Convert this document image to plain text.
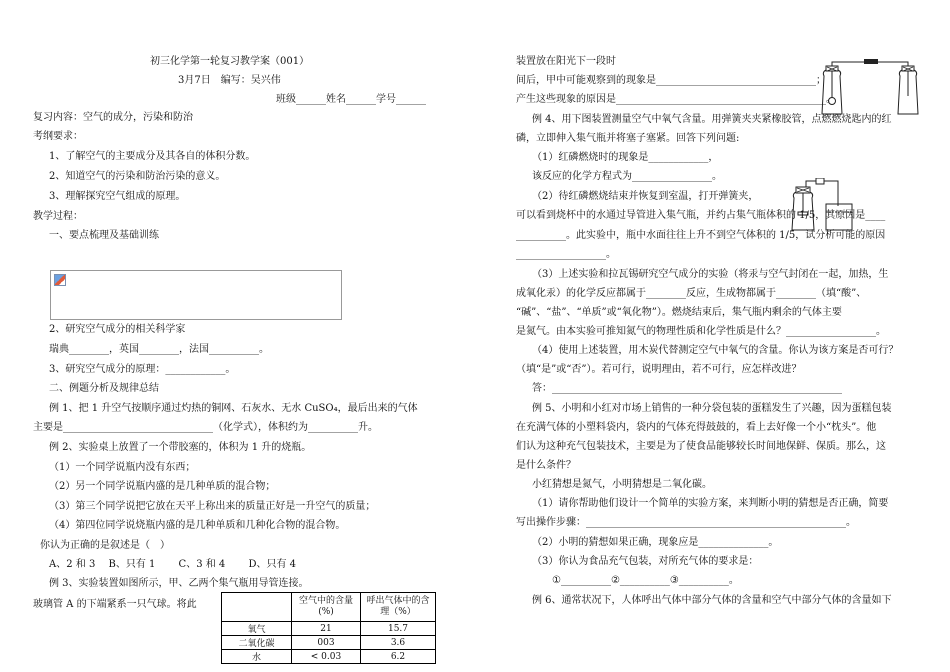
初三化学第一轮复习教学案（001）
3月7日　编写：吴兴伟
班级______姓名______学号______
复习内容：空气的成分，污染和防治
考纲要求：
1、了解空气的主要成分及其各自的体积分数。
2、知道空气的污染和防治污染的意义。
3、理解探究空气组成的原理。
教学过程：
一、要点梳理及基础训练
2、研究空气成分的相关科学家
瑞典________，英国________，法国__________。
3、研究空气成分的原理：____________。
二、例题分析及规律总结
例 1、把 1 升空气按顺序通过灼热的铜网、石灰水、无水 CuSO₄，最后出来的气体
主要是______________________________（化学式），体积约为__________升。
例 2、实验桌上放置了一个带胶塞的，体积为 1 升的烧瓶。
（1）一个同学说瓶内没有东西；
（2）另一个同学说瓶内盛的是几种单质的混合物；
（3）第三个同学说把它放在天平上称出来的质量正好是一升空气的质量；
（4）第四位同学说烧瓶内盛的是几种单质和几种化合物的混合物。
你认为正确的是叙述是（　）
A、2 和 3　 B、只有 1　　 C、3 和 4　　 D、只有 4
例 3、实验装置如图所示，甲、乙两个集气瓶用导管连接。
玻璃管 A 的下端紧系一只气球。将此
		空气中的含量(%)	呼出气体中的含理（%）
氧气	21	15.7
二氧化碳	003	3.6
水	< 0.03	6.2
装置放在阳光下一段时
间后，甲中可能观察到的现象是________________________________；
产生这些现象的原因是__________________________________________。
例 4、用下图装置测量空气中氧气含量。用弹簧夹夹紧橡胶管，点燃燃烧匙内的红
磷，立即伸入集气瓶并将塞子塞紧。回答下列问题:
（1）红磷燃烧时的现象是____________，
该反应的化学方程式为________________。
（2）待红磷燃烧结束并恢复到室温，打开弹簧夹，
可以看到烧杯中的水通过导管进入集气瓶，并约占集气瓶体积的 1/5，其原因是____
__________。此实验中，瓶中水面往往上升不到空气体积的 1/5，试分析可能的原因
__________________。
（3）上述实验和拉瓦锡研究空气成分的实验（将汞与空气封闭在一起，加热，生
成氧化汞）的化学反应都属于________反应，生成物都属于________（填“酸”、
“碱”、“盐”、“单质”或“氧化物”）。燃烧结束后，集气瓶内剩余的气体主要
是氮气。由本实验可推知氮气的物理性质和化学性质是什么？__________________。
（4）使用上述装置，用木炭代替测定空气中氧气的含量。你认为该方案是否可行？
（填“是”或“否”）。若可行，说明理由，若不可行，应怎样改进？
答：__________________________________________________________
例 5、小明和小红对市场上销售的一种分袋包装的蛋糕发生了兴趣，因为蛋糕包装
在充满气体的小塑料袋内，袋内的气体充得鼓鼓的，看上去好像一个小“枕头”。他
们认为这种充气包装技术，主要是为了使食品能够较长时间地保鲜、保质。那么，这
是什么条件？
小红猜想是氮气，小明猜想是二氧化碳。
（1）请你帮助他们设计一个简单的实验方案，来判断小明的猜想是否正确，简要
写出操作步骤：____________________________________________________。
（2）小明的猜想如果正确，现象应是______________。
（3）你认为食品充气包装，对所充气体的要求是：
①__________②__________③__________。
例 6、通常状况下，人体呼出气体中部分气体的含量和空气中部分气体的含量如下
